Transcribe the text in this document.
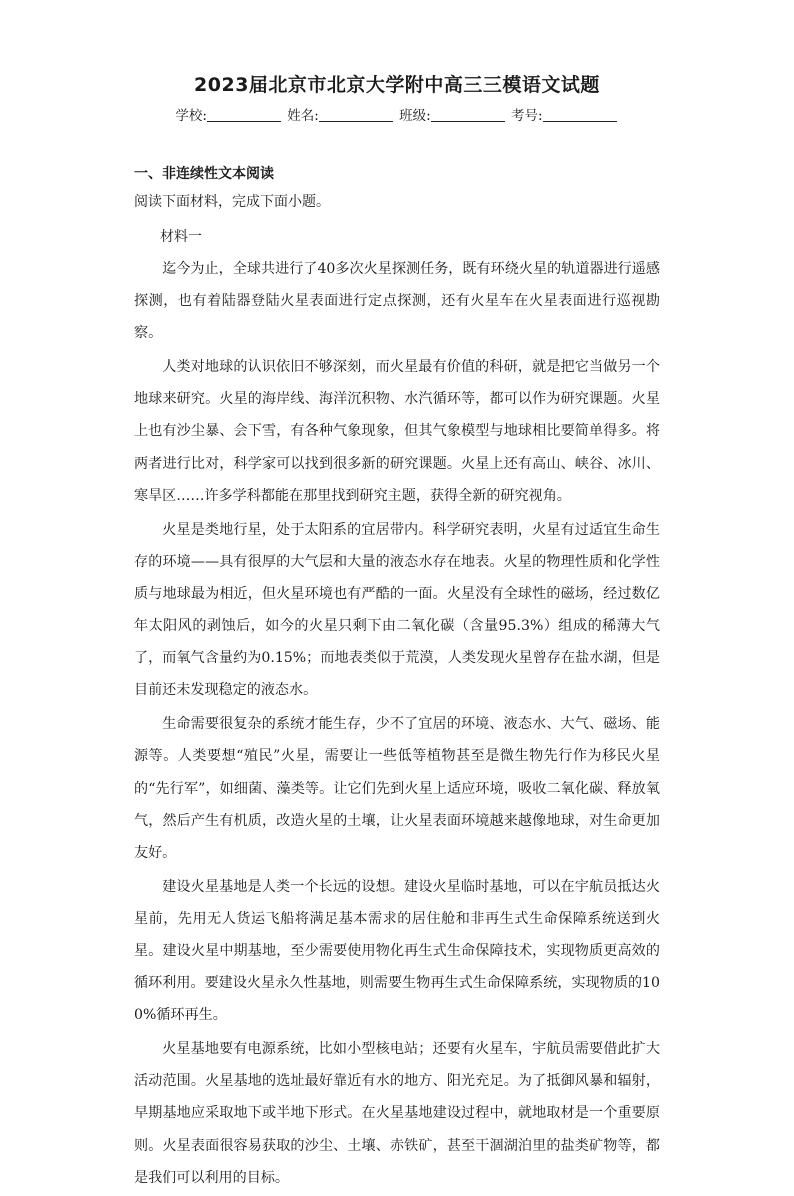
2023届北京市北京大学附中高三三模语文试题
学校:	姓名:	班级:	考号:
一、非连续性文本阅读

阅读下面材料，完成下面小题。

材料一

迄今为止，全球共进行了40多次火星探测任务，既有环绕火星的轨道器进行遥感探测，也有着陆器登陆火星表面进行定点探测，还有火星车在火星表面进行巡视勘察。

人类对地球的认识依旧不够深刻，而火星最有价值的科研，就是把它当做另一个地球来研究。火星的海岸线、海洋沉积物、水汽循环等，都可以作为研究课题。火星上也有沙尘暴、会下雪，有各种气象现象，但其气象模型与地球相比要简单得多。将两者进行比对，科学家可以找到很多新的研究课题。火星上还有高山、峡谷、冰川、寒旱区……许多学科都能在那里找到研究主题，获得全新的研究视角。

火星是类地行星，处于太阳系的宜居带内。科学研究表明，火星有过适宜生命生存的环境——具有很厚的大气层和大量的液态水存在地表。火星的物理性质和化学性质与地球最为相近，但火星环境也有严酷的一面。火星没有全球性的磁场，经过数亿年太阳风的剥蚀后，如今的火星只剩下由二氧化碳（含量95.3%）组成的稀薄大气了，而氧气含量约为0.15%；而地表类似于荒漠，人类发现火星曾存在盐水湖，但是目前还未发现稳定的液态水。

生命需要很复杂的系统才能生存，少不了宜居的环境、液态水、大气、磁场、能源等。人类要想“殖民”火星，需要让一些低等植物甚至是微生物先行作为移民火星的“先行军”，如细菌、藻类等。让它们先到火星上适应环境，吸收二氧化碳、释放氧气，然后产生有机质，改造火星的土壤，让火星表面环境越来越像地球，对生命更加友好。

建设火星基地是人类一个长远的设想。建设火星临时基地，可以在宇航员抵达火星前，先用无人货运飞船将满足基本需求的居住舱和非再生式生命保障系统送到火星。建设火星中期基地，至少需要使用物化再生式生命保障技术，实现物质更高效的循环利用。要建设火星永久性基地，则需要生物再生式生命保障系统，实现物质的100%循环再生。

火星基地要有电源系统，比如小型核电站；还要有火星车，宇航员需要借此扩大活动范围。火星基地的选址最好靠近有水的地方、阳光充足。为了抵御风暴和辐射，早期基地应采取地下或半地下形式。在火星基地建设过程中，就地取材是一个重要原则。火星表面很容易获取的沙尘、土壤、赤铁矿，甚至干涸湖泊里的盐类矿物等，都是我们可以利用的目标。
